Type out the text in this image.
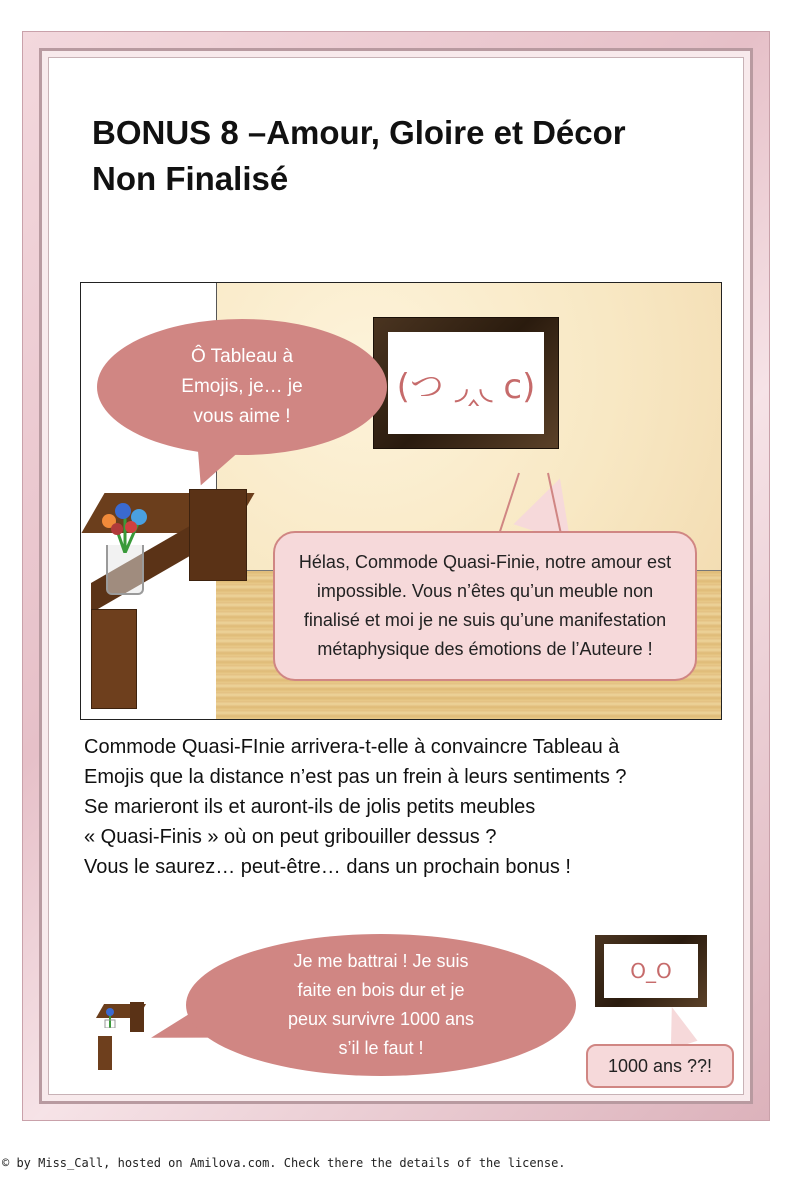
BONUS 8 –Amour, Gloire et Décor
Non Finalisé
(つ ◞‸◟ c)
Ô Tableau à Emojis, je… je vous aime !
Hélas, Commode Quasi-Finie, notre amour est impossible. Vous n’êtes qu’un meuble non finalisé et moi je ne suis qu’une manifestation métaphysique des émotions de l’Auteure !

Commode Quasi-FInie arrivera-t-elle à convaincre Tableau à

Emojis que la distance n’est pas un frein à leurs sentiments ?

Se marieront ils et auront-ils de jolis petits meubles

« Quasi-Finis » où on peut gribouiller dessus ?

Vous le saurez… peut-être… dans un prochain bonus !

Je me battrai ! Je suis faite en bois dur et je peux survivre 1000 ans s’il le faut !
O_O
1000 ans ??!

© by Miss_Call, hosted on Amilova.com. Check there the details of the license.
